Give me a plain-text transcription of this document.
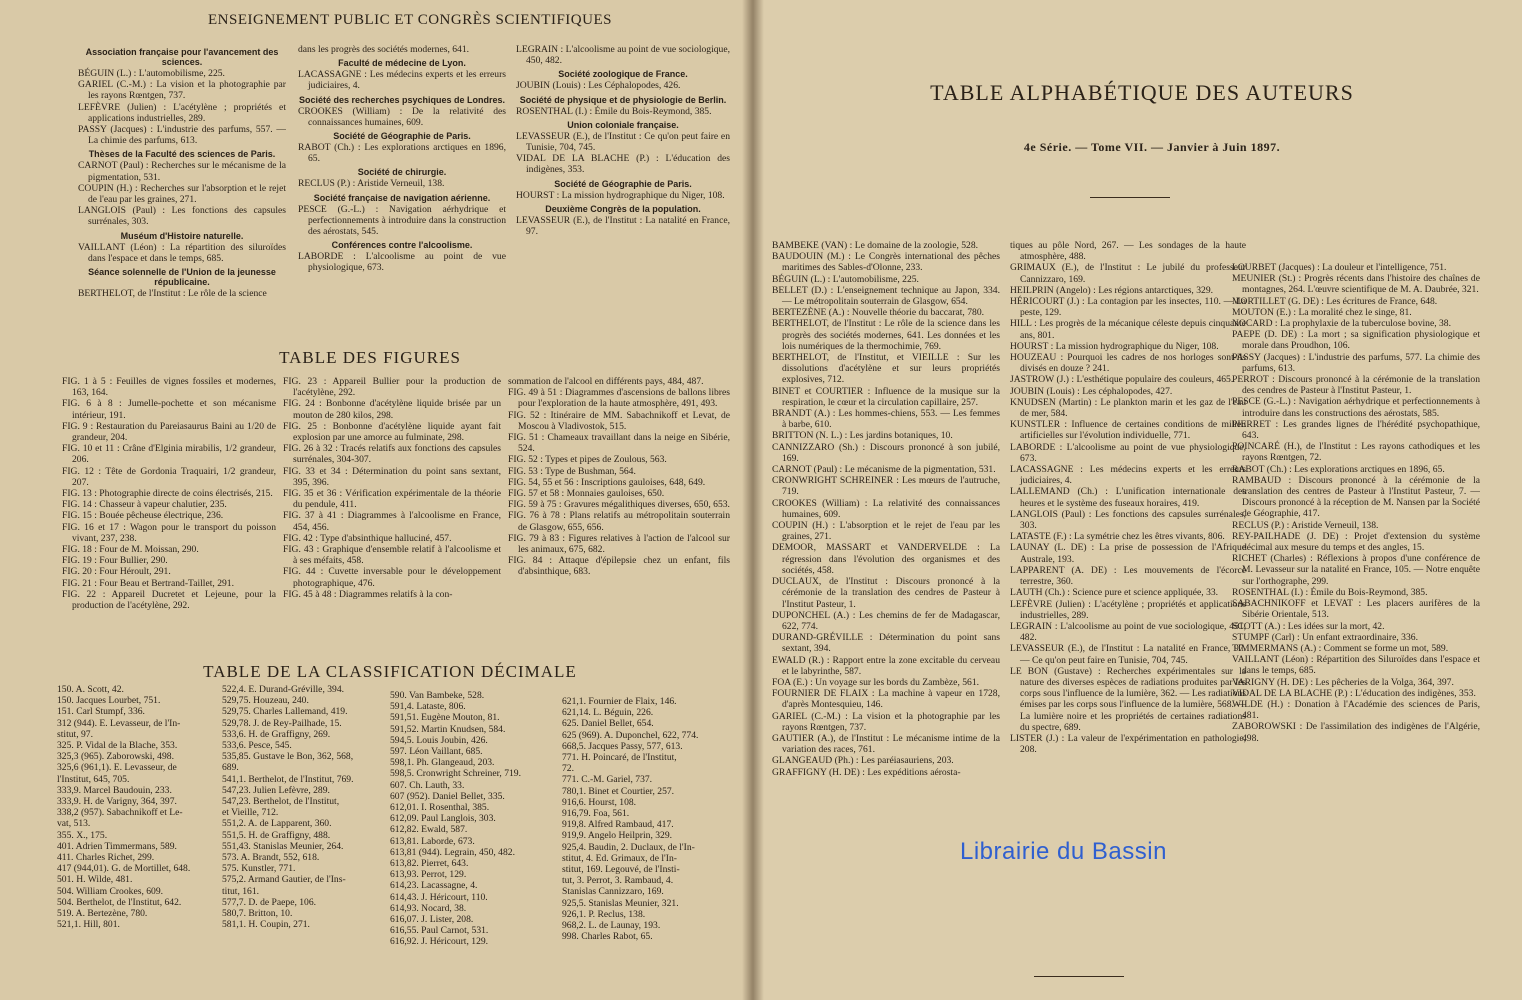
ENSEIGNEMENT PUBLIC ET CONGRÈS SCIENTIFIQUES
Association française pour l'avancement des sciences.

BÉGUIN (L.) : L'automobilisme, 225.

GARIEL (C.-M.) : La vision et la photographie par les rayons Rœntgen, 737.

LEFÈVRE (Julien) : L'acétylène ; propriétés et applications industrielles, 289.

PASSY (Jacques) : L'industrie des parfums, 557. — La chimie des parfums, 613.

Thèses de la Faculté des sciences de Paris.

CARNOT (Paul) : Recherches sur le mécanisme de la pigmentation, 531.

COUPIN (H.) : Recherches sur l'absorption et le rejet de l'eau par les graines, 271.

LANGLOIS (Paul) : Les fonctions des capsules surrénales, 303.

Muséum d'Histoire naturelle.

VAILLANT (Léon) : La répartition des siluroïdes dans l'espace et dans le temps, 685.

Séance solennelle de l'Union de la jeunesse républicaine.

BERTHELOT, de l'Institut : Le rôle de la science

dans les progrès des sociétés modernes, 641.

Faculté de médecine de Lyon.

LACASSAGNE : Les médecins experts et les erreurs judiciaires, 4.

Société des recherches psychiques de Londres.

CROOKES (William) : De la relativité des connaissances humaines, 609.

Société de Géographie de Paris.

RABOT (Ch.) : Les explorations arctiques en 1896, 65.

Société de chirurgie.

RECLUS (P.) : Aristide Verneuil, 138.

Société française de navigation aérienne.

PESCE (G.-L.) : Navigation aérhydrique et perfectionnements à introduire dans la construction des aérostats, 545.

Conférences contre l'alcoolisme.

LABORDE : L'alcoolisme au point de vue physiologique, 673.

LEGRAIN : L'alcoolisme au point de vue sociologique, 450, 482.

Société zoologique de France.

JOUBIN (Louis) : Les Céphalopodes, 426.

Société de physique et de physiologie de Berlin.

ROSENTHAL (I.) : Émile du Bois-Reymond, 385.

Union coloniale française.

LEVASSEUR (E.), de l'Institut : Ce qu'on peut faire en Tunisie, 704, 745.

VIDAL DE LA BLACHE (P.) : L'éducation des indigènes, 353.

Société de Géographie de Paris.

HOURST : La mission hydrographique du Niger, 108.

Deuxième Congrès de la population.

LEVASSEUR (E.), de l'Institut : La natalité en France, 97.

TABLE DES FIGURES

FIG. 1 à 5 : Feuilles de vignes fossiles et modernes, 163, 164.

FIG. 6 à 8 : Jumelle-pochette et son mécanisme intérieur, 191.

FIG. 9 : Restauration du Pareiasaurus Baini au 1/20 de grandeur, 204.

FIG. 10 et 11 : Crâne d'Elginia mirabilis, 1/2 grandeur, 206.

FIG. 12 : Tête de Gordonia Traquairi, 1/2 grandeur, 207.

FIG. 13 : Photographie directe de coins électrisés, 215.

FIG. 14 : Chasseur à vapeur chalutier, 235.

FIG. 15 : Bouée pêcheuse électrique, 236.

FIG. 16 et 17 : Wagon pour le transport du poisson vivant, 237, 238.

FIG. 18 : Four de M. Moissan, 290.

FIG. 19 : Four Bullier, 290.

FIG. 20 : Four Héroult, 291.

FIG. 21 : Four Beau et Bertrand-Taillet, 291.

FIG. 22 : Appareil Ducretet et Lejeune, pour la production de l'acétylène, 292.

FIG. 23 : Appareil Bullier pour la production de l'acétylène, 292.

FIG. 24 : Bonbonne d'acétylène liquide brisée par un mouton de 280 kilos, 298.

FIG. 25 : Bonbonne d'acétylène liquide ayant fait explosion par une amorce au fulminate, 298.

FIG. 26 à 32 : Tracés relatifs aux fonctions des capsules surrénales, 304-307.

FIG. 33 et 34 : Détermination du point sans sextant, 395, 396.

FIG. 35 et 36 : Vérification expérimentale de la théorie du pendule, 411.

FIG. 37 à 41 : Diagrammes à l'alcoolisme en France, 454, 456.

FIG. 42 : Type d'absinthique halluciné, 457.

FIG. 43 : Graphique d'ensemble relatif à l'alcoolisme et à ses méfaits, 458.

FIG. 44 : Cuvette inversable pour le développement photographique, 476.

FIG. 45 à 48 : Diagrammes relatifs à la con-

sommation de l'alcool en différents pays, 484, 487.

FIG. 49 à 51 : Diagrammes d'ascensions de ballons libres pour l'exploration de la haute atmosphère, 491, 493.

FIG. 52 : Itinéraire de MM. Sabachnikoff et Levat, de Moscou à Vladivostok, 515.

FIG. 51 : Chameaux travaillant dans la neige en Sibérie, 524.

FIG. 52 : Types et pipes de Zoulous, 563.

FIG. 53 : Type de Bushman, 564.

FIG. 54, 55 et 56 : Inscriptions gauloises, 648, 649.

FIG. 57 et 58 : Monnaies gauloises, 650.

FIG. 59 à 75 : Gravures mégalithiques diverses, 650, 653.

FIG. 76 à 78 : Plans relatifs au métropolitain souterrain de Glasgow, 655, 656.

FIG. 79 à 83 : Figures relatives à l'action de l'alcool sur les animaux, 675, 682.

FIG. 84 : Attaque d'épilepsie chez un enfant, fils d'absinthique, 683.

TABLE DE LA CLASSIFICATION DÉCIMALE

150. A. Scott, 42.

150. Jacques Lourbet, 751.

151. Carl Stumpf, 336.

312 (944). E. Levasseur, de l'In-

stitut, 97.

325. P. Vidal de la Blache, 353.

325,3 (965). Zaborowski, 498.

325,6 (961,1). E. Levasseur, de

l'Institut, 645, 705.

333,9. Marcel Baudouin, 233.

333,9. H. de Varigny, 364, 397.

338,2 (957). Sabachnikoff et Le-

vat, 513.

355. X., 175.

401. Adrien Timmermans, 589.

411. Charles Richet, 299.

417 (944,01). G. de Mortillet, 648.

501. H. Wilde, 481.

504. William Crookes, 609.

504. Berthelot, de l'Institut, 642.

519. A. Bertezène, 780.

521,1. Hill, 801.

522,4. E. Durand-Gréville, 394.

529,75. Houzeau, 240.

529,75. Charles Lallemand, 419.

529,78. J. de Rey-Pailhade, 15.

533,6. H. de Graffigny, 269.

533,6. Pesce, 545.

535,85. Gustave le Bon, 362, 568,

689.

541,1. Berthelot, de l'Institut, 769.

547,23. Julien Lefèvre, 289.

547,23. Berthelot, de l'Institut,

et Vieille, 712.

551,2. A. de Lapparent, 360.

551,5. H. de Graffigny, 488.

551,43. Stanislas Meunier, 264.

573. A. Brandt, 552, 618.

575. Kunstler, 771.

575,2. Armand Gautier, de l'Ins-

titut, 161.

577,7. D. de Paepe, 106.

580,7. Britton, 10.

581,1. H. Coupin, 271.

590. Van Bambeke, 528.

591,4. Lataste, 806.

591,51. Eugène Mouton, 81.

591,52. Martin Knudsen, 584.

594,5. Louis Joubin, 426.

597. Léon Vaillant, 685.

598,1. Ph. Glangeaud, 203.

598,5. Cronwright Schreiner, 719.

607. Ch. Lauth, 33.

607 (952). Daniel Bellet, 335.

612,01. I. Rosenthal, 385.

612,09. Paul Langlois, 303.

612,82. Ewald, 587.

613,81. Laborde, 673.

613,81 (944). Legrain, 450, 482.

613,82. Pierret, 643.

613,93. Perrot, 129.

614,23. Lacassagne, 4.

614,43. J. Héricourt, 110.

614,93. Nocard, 38.

616,07. J. Lister, 208.

616,55. Paul Carnot, 531.

616,92. J. Héricourt, 129.

621,1. Fournier de Flaix, 146.

621,14. L. Béguin, 226.

625. Daniel Bellet, 654.

625 (969). A. Duponchel, 622, 774.

668,5. Jacques Passy, 577, 613.

771. H. Poincaré, de l'Institut,

72.

771. C.-M. Gariel, 737.

780,1. Binet et Courtier, 257.

916,6. Hourst, 108.

916,79. Foa, 561.

919,8. Alfred Rambaud, 417.

919,9. Angelo Heilprin, 329.

925,4. Baudin, 2. Duclaux, de l'In-

stitut, 4. Ed. Grimaux, de l'In-

stitut, 169. Legouvé, de l'Insti-

tut, 3. Perrot, 3. Rambaud, 4.

Stanislas Cannizzaro, 169.

925,5. Stanislas Meunier, 321.

926,1. P. Reclus, 138.

968,2. L. de Launay, 193.

998. Charles Rabot, 65.

TABLE ALPHABÉTIQUE DES AUTEURS
4e Série. — Tome VII. — Janvier à Juin 1897.

BAMBEKE (VAN) : Le domaine de la zoologie, 528.

BAUDOUIN (M.) : Le Congrès international des pêches maritimes des Sables-d'Olonne, 233.

BÉGUIN (L.) : L'automobilisme, 225.

BELLET (D.) : L'enseignement technique au Japon, 334. — Le métropolitain souterrain de Glasgow, 654.

BERTEZÈNE (A.) : Nouvelle théorie du baccarat, 780.

BERTHELOT, de l'Institut : Le rôle de la science dans les progrès des sociétés modernes, 641. Les données et les lois numériques de la thermochimie, 769.

BERTHELOT, de l'Institut, et VIEILLE : Sur les dissolutions d'acétylène et sur leurs propriétés explosives, 712.

BINET et COURTIER : Influence de la musique sur la respiration, le cœur et la circulation capillaire, 257.

BRANDT (A.) : Les hommes-chiens, 553. — Les femmes à barbe, 610.

BRITTON (N. L.) : Les jardins botaniques, 10.

CANNIZZARO (Sh.) : Discours prononcé à son jubilé, 169.

CARNOT (Paul) : Le mécanisme de la pigmentation, 531.

CRONWRIGHT SCHREINER : Les mœurs de l'autruche, 719.

CROOKES (William) : La relativité des connaissances humaines, 609.

COUPIN (H.) : L'absorption et le rejet de l'eau par les graines, 271.

DEMOOR, MASSART et VANDERVELDE : La régression dans l'évolution des organismes et des sociétés, 458.

DUCLAUX, de l'Institut : Discours prononcé à la cérémonie de la translation des cendres de Pasteur à l'Institut Pasteur, 1.

DUPONCHEL (A.) : Les chemins de fer de Madagascar, 622, 774.

DURAND-GRÉVILLE : Détermination du point sans sextant, 394.

EWALD (R.) : Rapport entre la zone excitable du cerveau et le labyrinthe, 587.

FOA (E.) : Un voyage sur les bords du Zambèze, 561.

FOURNIER DE FLAIX : La machine à vapeur en 1728, d'après Montesquieu, 146.

GARIEL (C.-M.) : La vision et la photographie par les rayons Rœntgen, 737.

GAUTIER (A.), de l'Institut : Le mécanisme intime de la variation des races, 761.

GLANGEAUD (Ph.) : Les paréiasauriens, 203.

GRAFFIGNY (H. DE) : Les expéditions aérosta-

tiques au pôle Nord, 267. — Les sondages de la haute atmosphère, 488.

GRIMAUX (E.), de l'Institut : Le jubilé du professeur Cannizzaro, 169.

HEILPRIN (Angelo) : Les régions antarctiques, 329.

HÉRICOURT (J.) : La contagion par les insectes, 110. — La peste, 129.

HILL : Les progrès de la mécanique céleste depuis cinquante ans, 801.

HOURST : La mission hydrographique du Niger, 108.

HOUZEAU : Pourquoi les cadres de nos horloges sont-ils divisés en douze ? 241.

JASTROW (J.) : L'esthétique populaire des couleurs, 465.

JOUBIN (Louis) : Les céphalopodes, 427.

KNUDSEN (Martin) : Le plankton marin et les gaz de l'eau de mer, 584.

KUNSTLER : Influence de certaines conditions de milieu artificielles sur l'évolution individuelle, 771.

LABORDE : L'alcoolisme au point de vue physiologique, 673.

LACASSAGNE : Les médecins experts et les erreurs judiciaires, 4.

LALLEMAND (Ch.) : L'unification internationale des heures et le système des fuseaux horaires, 419.

LANGLOIS (Paul) : Les fonctions des capsules surrénales, 303.

LATASTE (F.) : La symétrie chez les êtres vivants, 806.

LAUNAY (L. DE) : La prise de possession de l'Afrique Australe, 193.

LAPPARENT (A. DE) : Les mouvements de l'écorce terrestre, 360.

LAUTH (Ch.) : Science pure et science appliquée, 33.

LEFÈVRE (Julien) : L'acétylène ; propriétés et applications industrielles, 289.

LEGRAIN : L'alcoolisme au point de vue sociologique, 451, 482.

LEVASSEUR (E.), de l'Institut : La natalité en France, 97. — Ce qu'on peut faire en Tunisie, 704, 745.

LE BON (Gustave) : Recherches expérimentales sur la nature des diverses espèces de radiations produites par les corps sous l'influence de la lumière, 362. — Les radiations émises par les corps sous l'influence de la lumière, 568. — La lumière noire et les propriétés de certaines radiations du spectre, 689.

LISTER (J.) : La valeur de l'expérimentation en pathologie, 208.

LOURBET (Jacques) : La douleur et l'intelligence, 751.

MEUNIER (St.) : Progrès récents dans l'histoire des chaînes de montagnes, 264. L'œuvre scientifique de M. A. Daubrée, 321.

MORTILLET (G. DE) : Les écritures de France, 648.

MOUTON (E.) : La moralité chez le singe, 81.

NOCARD : La prophylaxie de la tuberculose bovine, 38.

PAEPE (D. DE) : La mort ; sa signification physiologique et morale dans Proudhon, 106.

PASSY (Jacques) : L'industrie des parfums, 577. La chimie des parfums, 613.

PERROT : Discours prononcé à la cérémonie de la translation des cendres de Pasteur à l'Institut Pasteur, 1.

PESCE (G.-L.) : Navigation aérhydrique et perfectionnements à introduire dans les constructions des aérostats, 585.

PIERRET : Les grandes lignes de l'hérédité psychopathique, 643.

POINCARÉ (H.), de l'Institut : Les rayons cathodiques et les rayons Rœntgen, 72.

RABOT (Ch.) : Les explorations arctiques en 1896, 65.

RAMBAUD : Discours prononcé à la cérémonie de la translation des centres de Pasteur à l'Institut Pasteur, 7. — Discours prononcé à la réception de M. Nansen par la Société de Géographie, 417.

RECLUS (P.) : Aristide Verneuil, 138.

REY-PAILHADE (J. DE) : Projet d'extension du système décimal aux mesure du temps et des angles, 15.

RICHET (Charles) : Réflexions à propos d'une conférence de M. Levasseur sur la natalité en France, 105. — Notre enquête sur l'orthographe, 299.

ROSENTHAL (I.) : Émile du Bois-Reymond, 385.

SABACHNIKOFF et LEVAT : Les placers aurifères de la Sibérie Orientale, 513.

SCOTT (A.) : Les idées sur la mort, 42.

STUMPF (Carl) : Un enfant extraordinaire, 336.

TIMMERMANS (A.) : Comment se forme un mot, 589.

VAILLANT (Léon) : Répartition des Siluroïdes dans l'espace et dans le temps, 685.

VARIGNY (H. DE) : Les pêcheries de la Volga, 364, 397.

VIDAL DE LA BLACHE (P.) : L'éducation des indigènes, 353.

WILDE (H.) : Donation à l'Académie des sciences de Paris, 481.

ZABOROWSKI : De l'assimilation des indigènes de l'Algérie, 498.

Librairie du Bassin
